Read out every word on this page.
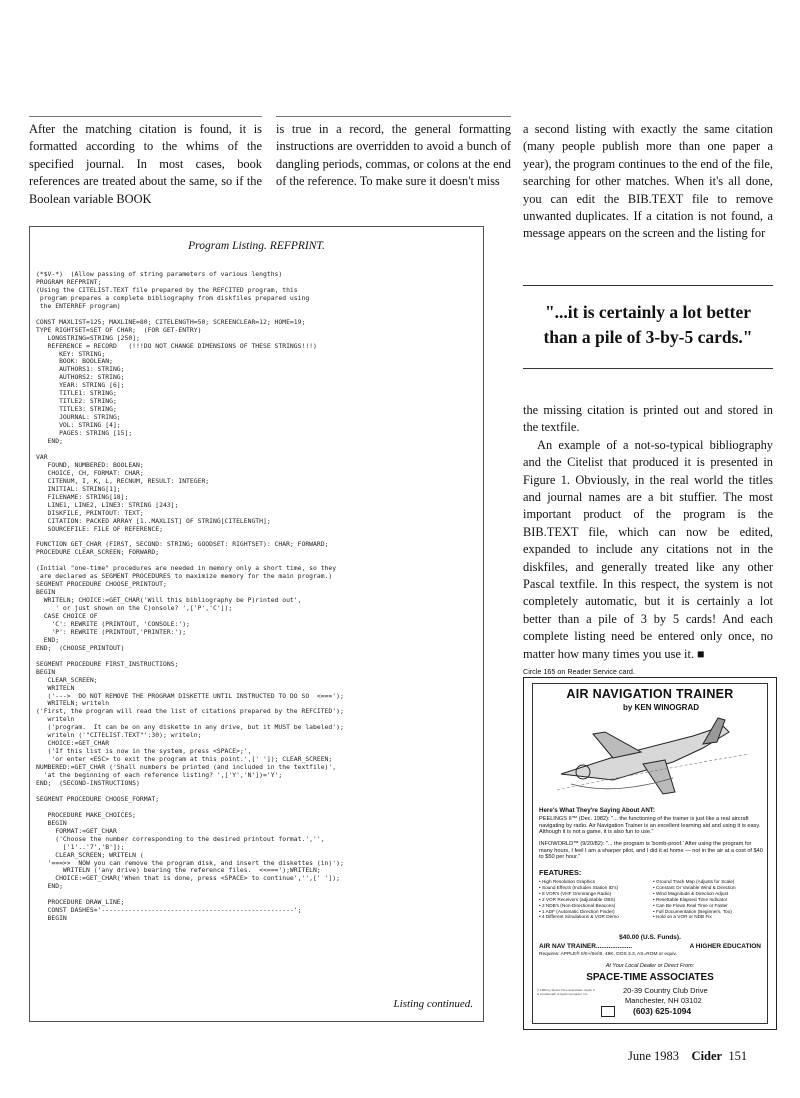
After the matching citation is found, it is formatted according to the whims of the specified journal. In most cases, book references are treated about the same, so if the Boolean variable BOOK

is true in a record, the general formatting instructions are overridden to avoid a bunch of dangling periods, commas, or colons at the end of the reference. To make sure it doesn't miss

a second listing with exactly the same citation (many people publish more than one paper a year), the program continues to the end of the file, searching for other matches. When it's all done, you can edit the BIB.TEXT file to remove unwanted duplicates. If a citation is not found, a message appears on the screen and the listing for

"...it is certainly a lot better than a pile of 3-by-5 cards."

the missing citation is printed out and stored in the textfile.

An example of a not-so-typical bibliography and the Citelist that produced it is presented in Figure 1. Obviously, in the real world the titles and journal names are a bit stuffier. The most important product of the program is the BIB.TEXT file, which can now be edited, expanded to include any citations not in the diskfiles, and generally treated like any other Pascal textfile. In this respect, the system is not completely automatic, but it is certainly a lot better than a pile of 3 by 5 cards! And each complete listing need be entered only once, no matter how many times you use it. ■

Program Listing. REFPRINT.
(*$V-*)  (Allow passing of string parameters of various lengths)
PROGRAM REFPRINT;
(Using the CITELIST.TEXT file prepared by the REFCITED program, this
program prepares a complete bibliography from diskfiles prepared using
the ENTERREF program)

CONST MAXLIST=125; MAXLINE=80; CITELENGTH=50; SCREENCLEAR=12; HOME=19;
TYPE RIGHTSET=SET OF CHAR;  (FOR GET-ENTRY)
LONGSTRING=STRING [250];
REFERENCE = RECORD   (!!!DO NOT CHANGE DIMENSIONS OF THESE STRINGS!!!)
KEY: STRING;
BOOK: BOOLEAN;
AUTHORS1: STRING;
AUTHORS2: STRING;
YEAR: STRING [6];
TITLE1: STRING;
TITLE2: STRING;
TITLE3: STRING;
JOURNAL: STRING;
VOL: STRING [4];
PAGES: STRING [15];
END;

VAR
FOUND, NUMBERED: BOOLEAN;
CHOICE, CH, FORMAT: CHAR;
CITENUM, I, K, L, RECNUM, RESULT: INTEGER;
INITIAL: STRING[1];
FILENAME: STRING[18];
LINE1, LINE2, LINE3: STRING [243];
DISKFILE, PRINTOUT: TEXT;
CITATION: PACKED ARRAY [1..MAXLIST] OF STRING[CITELENGTH];
SOURCEFILE: FILE OF REFERENCE;

FUNCTION GET_CHAR (FIRST, SECOND: STRING; GOODSET: RIGHTSET): CHAR; FORWARD;
PROCEDURE CLEAR_SCREEN; FORWARD;

(Initial "one-time" procedures are needed in memory only a short time, so they
are declared as SEGMENT PROCEDURES to maximize memory for the main program.)
SEGMENT PROCEDURE CHOOSE_PRINTOUT;
BEGIN
WRITELN; CHOICE:=GET_CHAR('Will this bibliography be P)rinted out',
' or just shown on the C)onsole? ',['P','C']);
CASE CHOICE OF
'C': REWRITE (PRINTOUT, 'CONSOLE:');
'P': REWRITE (PRINTOUT,'PRINTER:');
END;
END;  (CHOOSE_PRINTOUT)

SEGMENT PROCEDURE FIRST_INSTRUCTIONS;
BEGIN
CLEAR_SCREEN;
WRITELN
('--->  DO NOT REMOVE THE PROGRAM DISKETTE UNTIL INSTRUCTED TO DO SO  <===');
WRITELN; writeln
('First, the program will read the list of citations prepared by the REFCITED');
writeln
('program.  It can be on any diskette in any drive, but it MUST be labeled');
writeln ('"CITELIST.TEXT"':30); writeln;
CHOICE:=GET_CHAR
('If this list is now in the system, press <SPACE>;',
'or enter <ESC> to exit the program at this point.',[' ']); CLEAR_SCREEN;
NUMBERED:=GET_CHAR ('Shall numbers be printed (and included in the textfile)',
'at the beginning of each reference listing? ',['Y','N'])='Y';
END;  (SECOND-INSTRUCTIONS)

SEGMENT PROCEDURE CHOOSE_FORMAT;

PROCEDURE MAKE_CHOICES;
BEGIN
FORMAT:=GET_CHAR
('Choose the number corresponding to the desired printout format.','',
['1'..'7','B']);
CLEAR_SCREEN; WRITELN (
'===>>  NOW you can remove the program disk, and insert the diskettes (in)');
WRITELN ('any drive) bearing the reference files.  <<===');WRITELN;
CHOICE:=GET_CHAR('When that is done, press <SPACE> to continue','',[' ']);
END;

PROCEDURE DRAW_LINE;
CONST DASHES='--------------------------------------------------';
BEGIN
Listing continued.
Circle 165 on Reader Service card.
AIR NAVIGATION TRAINER
by KEN WINOGRAD
Here's What They're Saying About ANT:
PEELINGS II™ (Dec. 1982): "... the functioning of the trainer is just like a real aircraft navigating by radio. Air Navigation Trainer is an excellent learning aid and using it is easy. Although it is not a game, it is also fun to use."
INFOWORLD™ (9/20/82): "... the program is 'bomb-proof.' After using the program for many hours, I feel I am a sharper pilot, and I did it at home — not in the air at a cost of $40 to $50 per hour."
FEATURES:
• High Resolution Graphics
• Sound Effects (Includes Station ID's)
• 8 VOR's (VHF Omnirange Radio)
• 2 VOR Receivers (adjustable OBS)
• 2 NDB's (Non-Directional Beacons)
• 1 ADF (Automatic Direction Finder)
• 4 Different Simulations & VOR Demo
• Ground Track Map (Adjusts for Scale)
• Constant Or Variable Wind & Direction
• Wind Magnitude & Direction Adjust
• Resettable Elapsed Time Indicator
• Can Be Flown Real Time or Faster
• Full Documentation (Beginners, Too)
• Hold on a VOR or NDB Fix
$40.00 (U.S. Funds).
AIR NAV TRAINER....................	A HIGHER EDUCATION
Requires: APPLE® II/II+/IIe/III, 48K, DOS 3.3, AS=ROM or equiv.
At Your Local Dealer or Direct From:
SPACE-TIME ASSOCIATES
© 1982 by Space-Time Associates. Apple II is a trademark of Apple Computer, Inc.	20-39 Country Club Drive
Manchester, NH 03102
(603) 625-1094
June 1983 Cider 151
